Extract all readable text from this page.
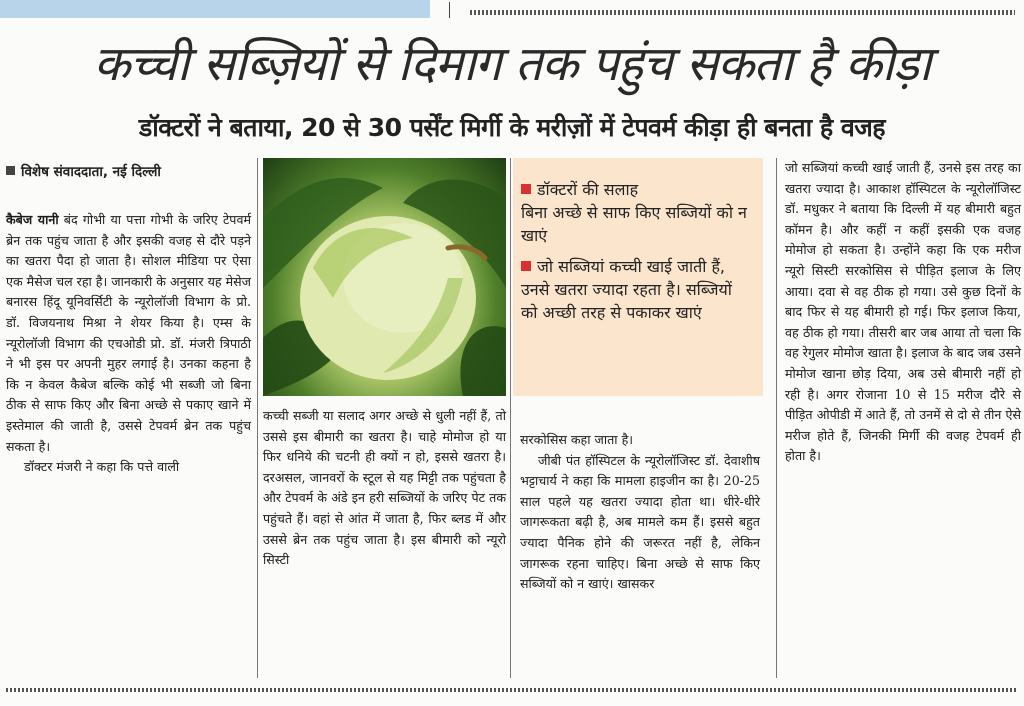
कच्ची सब्ज़ियों से दिमाग तक पहुंच सकता है कीड़ा
डॉक्टरों ने बताया, 20 से 30 पर्सेंट मिर्गी के मरीज़ों में टेपवर्म कीड़ा ही बनता है वजह
विशेष संवाददाता, नई दिल्ली

कैबेज यानी बंद गोभी या पत्ता गोभी के जरिए टेपवर्म ब्रेन तक पहुंच जाता है और इसकी वजह से दौरे पड़ने का खतरा पैदा हो जाता है। सोशल मीडिया पर ऐसा एक मैसेज चल रहा है। जानकारी के अनुसार यह मेसेज बनारस हिंदू यूनिवर्सिटी के न्यूरोलॉजी विभाग के प्रो. डॉ. विजयनाथ मिश्रा ने शेयर किया है। एम्स के न्यूरोलॉजी विभाग की एचओडी प्रो. डॉ. मंजरी त्रिपाठी ने भी इस पर अपनी मुहर लगाई है। उनका कहना है कि न केवल कैबेज बल्कि कोई भी सब्जी जो बिना ठीक से साफ किए और बिना अच्छे से पकाए खाने में इस्तेमाल की जाती है, उससे टेपवर्म ब्रेन तक पहुंच सकता है।

डॉक्टर मंजरी ने कहा कि पत्ते वाली

कच्ची सब्जी या सलाद अगर अच्छे से धुली नहीं हैं, तो उससे इस बीमारी का खतरा है। चाहे मोमोज हो या फिर धनिये की चटनी ही क्यों न हो, इससे खतरा है। दरअसल, जानवरों के स्टूल से यह मिट्टी तक पहुंचता है और टेपवर्म के अंडे इन हरी सब्जियों के जरिए पेट तक पहुंचते हैं। वहां से आंत में जाता है, फिर ब्लड में और उससे ब्रेन तक पहुंच जाता है। इस बीमारी को न्यूरो सिस्टी

डॉक्टरों की सलाह
बिना अच्छे से साफ किए सब्जियों को न खाएं

जो सब्जियां कच्ची खाई जाती हैं, उनसे खतरा ज्यादा रहता है। सब्जियों को अच्छी तरह से पकाकर खाएं

सरकोसिस कहा जाता है।

जीबी पंत हॉस्पिटल के न्यूरोलॉजिस्ट डॉ. देवाशीष भट्टाचार्य ने कहा कि मामला हाइजीन का है। 20-25 साल पहले यह खतरा ज्यादा होता था। धीरे-धीरे जागरूकता बढ़ी है, अब मामले कम हैं। इससे बहुत ज्यादा पैनिक होने की जरूरत नहीं है, लेकिन जागरूक रहना चाहिए। बिना अच्छे से साफ किए सब्जियों को न खाएं। खासकर

जो सब्जियां कच्ची खाई जाती हैं, उनसे इस तरह का खतरा ज्यादा है। आकाश हॉस्पिटल के न्यूरोलॉजिस्ट डॉ. मधुकर ने बताया कि दिल्ली में यह बीमारी बहुत कॉमन है। और कहीं न कहीं इसकी एक वजह मोमोज हो सकता है। उन्होंने कहा कि एक मरीज न्यूरो सिस्टी सरकोसिस से पीड़ित इलाज के लिए आया। दवा से वह ठीक हो गया। उसे कुछ दिनों के बाद फिर से यह बीमारी हो गई। फिर इलाज किया, वह ठीक हो गया। तीसरी बार जब आया तो चला कि वह रेगुलर मोमोज खाता है। इलाज के बाद जब उसने मोमोज खाना छोड़ दिया, अब उसे बीमारी नहीं हो रही है। अगर रोजाना 10 से 15 मरीज दौरे से पीड़ित ओपीडी में आते हैं, तो उनमें से दो से तीन ऐसे मरीज होते हैं, जिनकी मिर्गी की वजह टेपवर्म ही होता है।
